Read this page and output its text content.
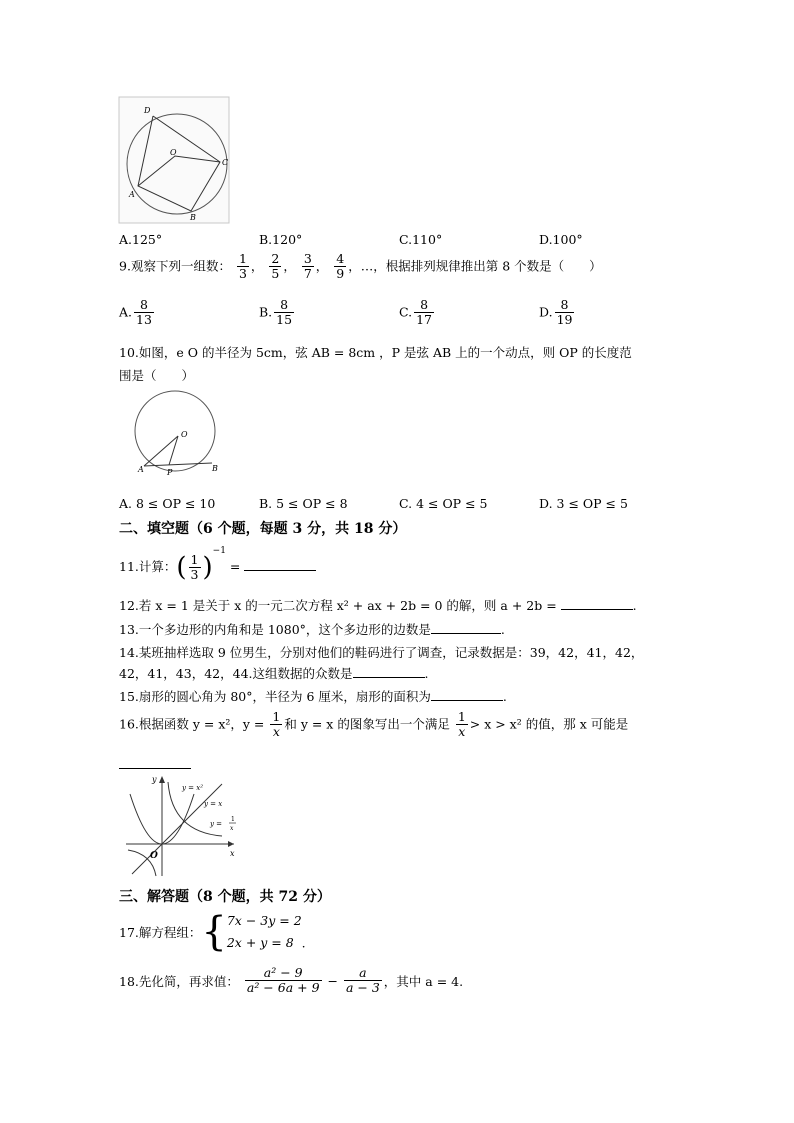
D
O
C
A
B
A.125°	B.120°	C.110°	D.100°
9.观察下列一组数： $\frac{1}{3}$ ， $\frac{2}{5}$ ， $\frac{3}{7}$ ， $\frac{4}{9}$ ，…，根据排列规律推出第 8 个数是（　　）
A. $\frac{8}{13}$	B. $\frac{8}{15}$	C. $\frac{8}{17}$	D. $\frac{8}{19}$
10.如图，e O 的半径为 5cm，弦 AB = 8cm ，P 是弦 AB 上的一个动点，则 OP 的长度范
围是（　　）
O
A	P	B
A. 8 ≤ OP ≤ 10	B. 5 ≤ OP ≤ 8	C. 4 ≤ OP ≤ 5	D. 3 ≤ OP ≤ 5
二、填空题（6 个题，每题 3 分，共 18 分）
11.计算：( $\frac{1}{3} )^{-1}$ =
12.若 x = 1 是关于 x 的一元二次方程 x² + ax + 2b = 0 的解，则 a + 2b =	.
13.一个多边形的内角和是 1080°，这个多边形的边数是	.
14.某班抽样选取 9 位男生，分别对他们的鞋码进行了调查，记录数据是：39，42，41，42，
42，41，43，42，44.这组数据的众数是	.
15.扇形的圆心角为 80°，半径为 6 厘米，扇形的面积为	.
16.根据函数 y = x²，$y = \frac{1}{x}$ 和 y = x 的图象写出一个满足 $\frac{1}{x} > x > x^2$ 的值，那 x 可能是
y
x
O
y = x²
y = x
y =
1
x
三、解答题（8 个题，共 72 分）
17.解方程组：{ 7x − 3y = 2
2x + y = 8 .
18.先化简，再求值： $\frac{\text{a² − 9}}{\text{a² − 6a + 9}} - \frac{a}{a - 3}$ ，其中 a = 4.
